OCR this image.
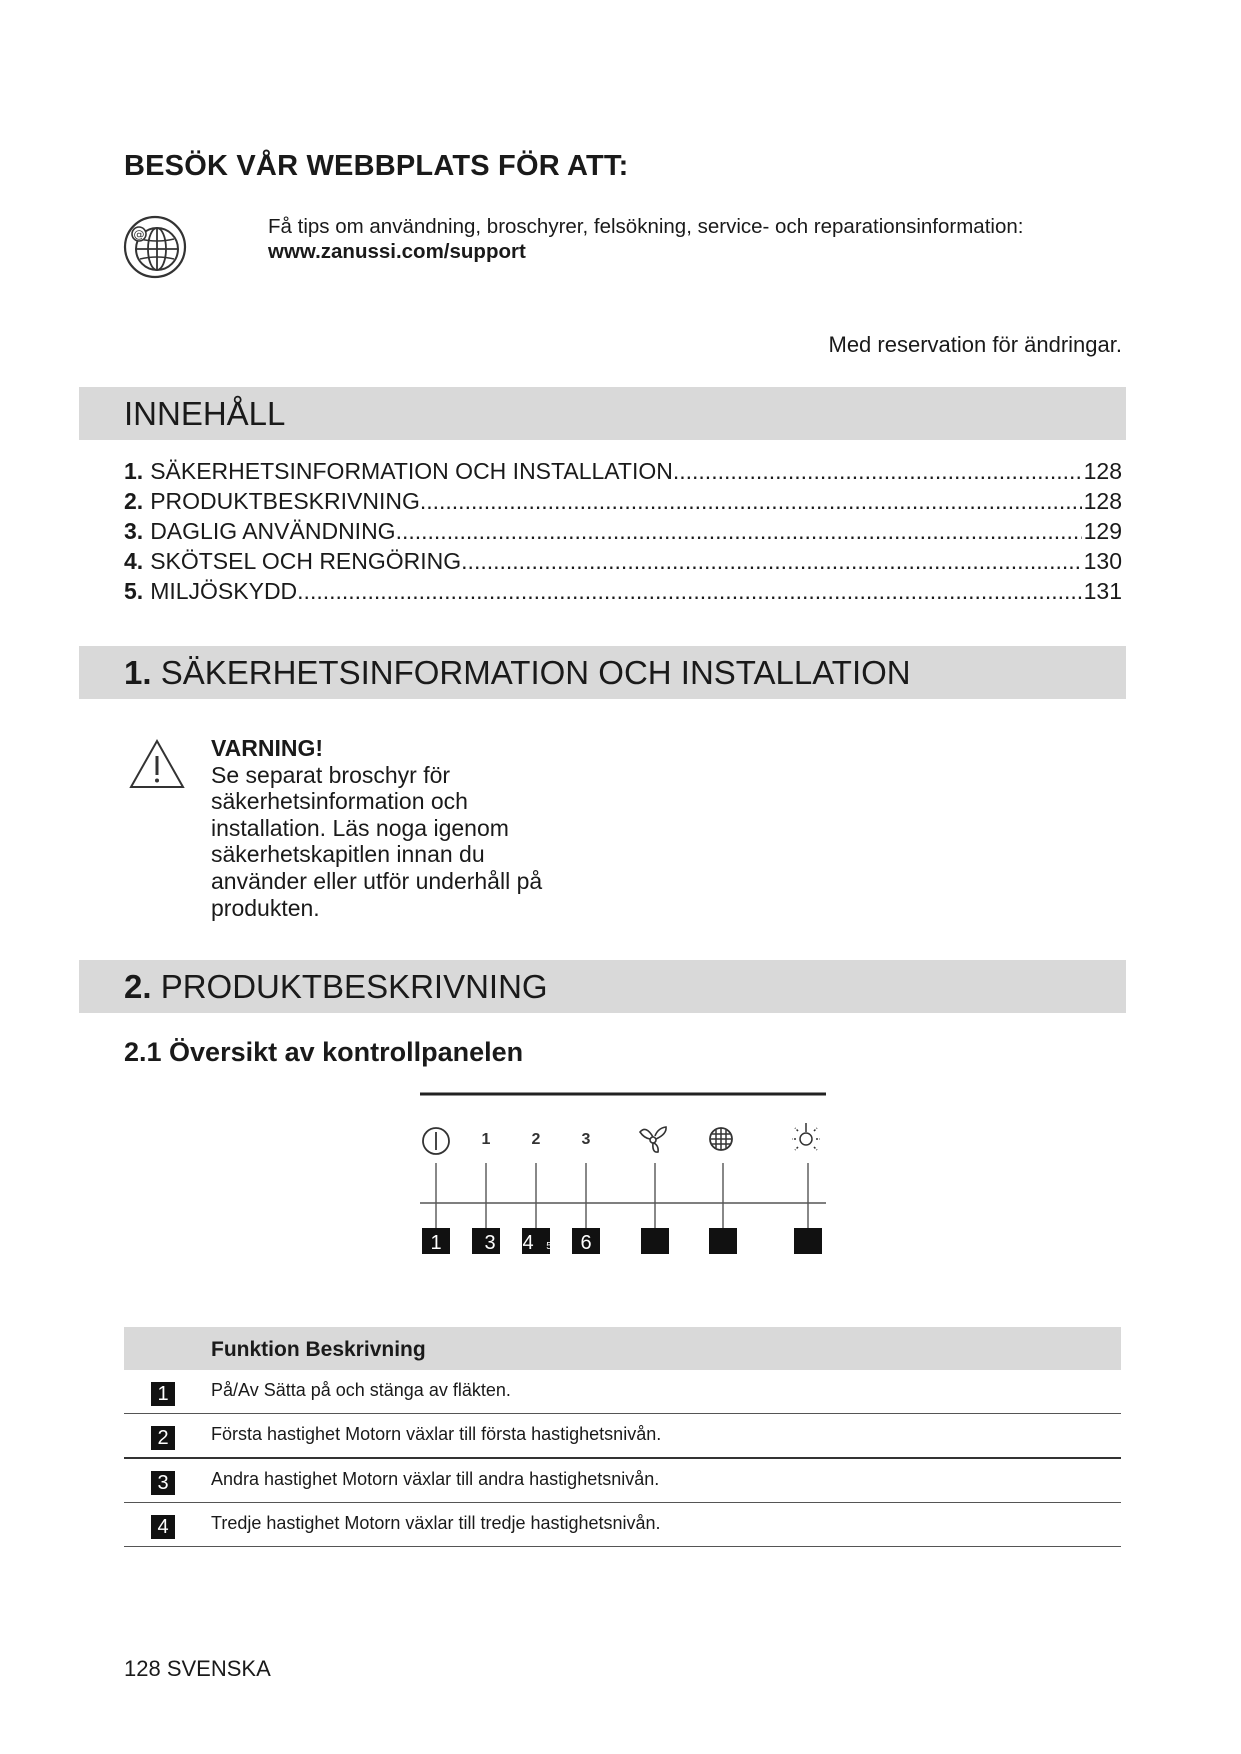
BESÖK VÅR WEBBPLATS FÖR ATT:
@	Få tips om användning, broschyrer, felsökning, service- och reparationsinformation:
www.zanussi.com/support
Med reservation för ändringar.
INNEHÅLL
1. SÄKERHETSINFORMATION OCH INSTALLATION .....	128
2. PRODUKTBESKRIVNING .....	128
3. DAGLIG ANVÄNDNING .....	129
4. SKÖTSEL OCH RENGÖRING .....	130
5. MILJÖSKYDD .....	131
1. SÄKERHETSINFORMATION OCH INSTALLATION
VARNING!
Se separat broschyr för
säkerhetsinformation och
installation. Läs noga igenom
säkerhetskapitlen innan du
använder eller utför underhåll på
produkten.
2. PRODUKTBESKRIVNING
2.1 Översikt av kontrollpanelen
1	2	3
1 3 4 5 6
Funktion Beskrivning
1	På/Av Sätta på och stänga av fläkten.
2	Första hastighet Motorn växlar till första hastighetsnivån.
3	Andra hastighet Motorn växlar till andra hastighetsnivån.
4	Tredje hastighet Motorn växlar till tredje hastighetsnivån.
128 SVENSKA
